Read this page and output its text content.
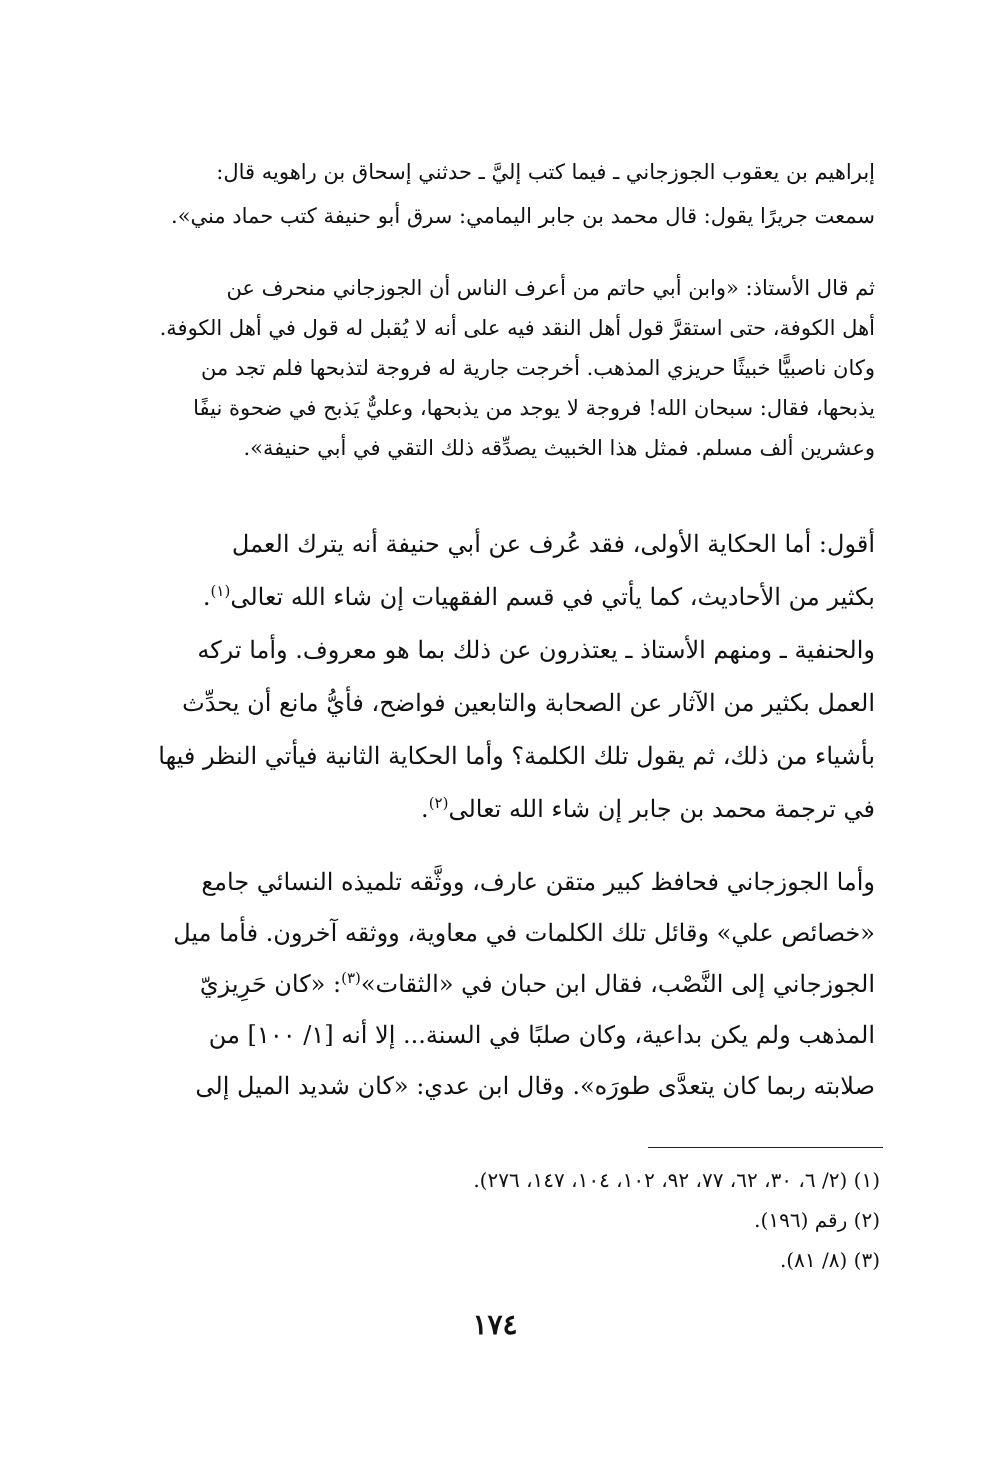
إبراهيم بن يعقوب الجوزجاني ـ فيما كتب إليَّ ـ حدثني إسحاق بن راهويه قال:
سمعت جريرًا يقول: قال محمد بن جابر اليمامي: سرق أبو حنيفة كتب حماد مني».
ثم قال الأستاذ: «وابن أبي حاتم من أعرف الناس أن الجوزجاني منحرف عن
أهل الكوفة، حتى استقرَّ قول أهل النقد فيه على أنه لا يُقبل له قول في أهل الكوفة.
وكان ناصبيًّا خبيثًا حريزي المذهب. أخرجت جارية له فروجة لتذبحها فلم تجد من
يذبحها، فقال: سبحان الله! فروجة لا يوجد من يذبحها، وعليٌّ يَذبح في ضحوة نيفًا
وعشرين ألف مسلم. فمثل هذا الخبيث يصدِّقه ذلك التقي في أبي حنيفة».
أقول: أما الحكاية الأولى، فقد عُرف عن أبي حنيفة أنه يترك العمل
بكثير من الأحاديث، كما يأتي في قسم الفقهيات إن شاء الله تعالى$^{(١)}$.
والحنفية ـ ومنهم الأستاذ ـ يعتذرون عن ذلك بما هو معروف. وأما تركه
العمل بكثير من الآثار عن الصحابة والتابعين فواضح، فأيُّ مانع أن يحدِّث
بأشياء من ذلك، ثم يقول تلك الكلمة؟ وأما الحكاية الثانية فيأتي النظر فيها
في ترجمة محمد بن جابر إن شاء الله تعالى$^{(٢)}$.
وأما الجوزجاني فحافظ كبير متقن عارف، ووثَّقه تلميذه النسائي جامع
«خصائص علي» وقائل تلك الكلمات في معاوية، ووثقه آخرون. فأما ميل
الجوزجاني إلى النَّصْب، فقال ابن حبان في «الثقات»$^{(٣)}$: «كان حَرِيزيّ
المذهب ولم يكن بداعية، وكان صلبًا في السنة... إلا أنه [١/ ١٠٠] من
صلابته ربما كان يتعدَّى طورَه». وقال ابن عدي: «كان شديد الميل إلى
(١) (٢/ ٦، ٣٠، ٦٢، ٧٧، ٩٢، ١٠٢، ١٠٤، ١٤٧، ٢٧٦).
(٢) رقم (١٩٦).
(٣) (٨/ ٨١).
١٧٤
